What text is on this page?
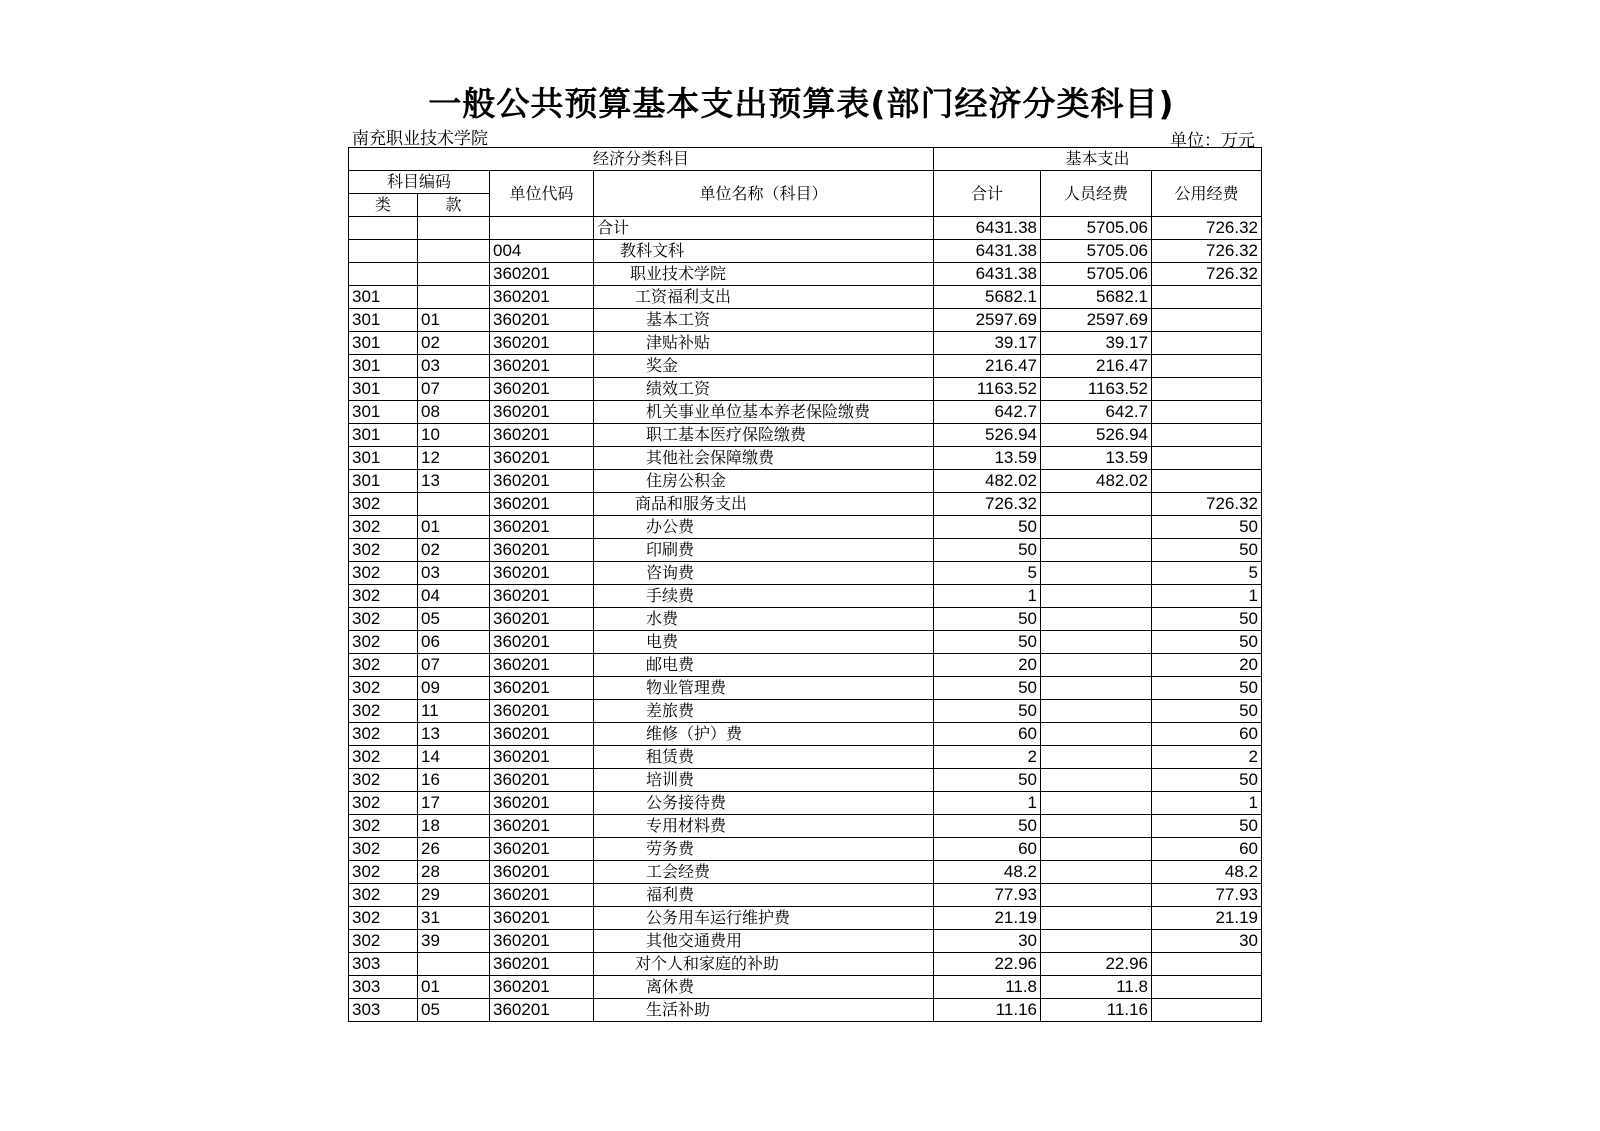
一般公共预算基本支出预算表(部门经济分类科目)
南充职业技术学院	单位：万元
经济分类科目				基本支出		
科目编码		单位代码	单位名称（科目）	合计	人员经费	公用经费
类	款					
			合计	6431.38	5705.06	726.32
		004	教科文科	6431.38	5705.06	726.32
		360201	职业技术学院	6431.38	5705.06	726.32
301		360201	工资福利支出	5682.1	5682.1	
301	01	360201	基本工资	2597.69	2597.69	
301	02	360201	津贴补贴	39.17	39.17	
301	03	360201	奖金	216.47	216.47	
301	07	360201	绩效工资	1163.52	1163.52	
301	08	360201	机关事业单位基本养老保险缴费	642.7	642.7	
301	10	360201	职工基本医疗保险缴费	526.94	526.94	
301	12	360201	其他社会保障缴费	13.59	13.59	
301	13	360201	住房公积金	482.02	482.02	
302		360201	商品和服务支出	726.32		726.32
302	01	360201	办公费	50		50
302	02	360201	印刷费	50		50
302	03	360201	咨询费	5		5
302	04	360201	手续费	1		1
302	05	360201	水费	50		50
302	06	360201	电费	50		50
302	07	360201	邮电费	20		20
302	09	360201	物业管理费	50		50
302	11	360201	差旅费	50		50
302	13	360201	维修（护）费	60		60
302	14	360201	租赁费	2		2
302	16	360201	培训费	50		50
302	17	360201	公务接待费	1		1
302	18	360201	专用材料费	50		50
302	26	360201	劳务费	60		60
302	28	360201	工会经费	48.2		48.2
302	29	360201	福利费	77.93		77.93
302	31	360201	公务用车运行维护费	21.19		21.19
302	39	360201	其他交通费用	30		30
303		360201	对个人和家庭的补助	22.96	22.96	
303	01	360201	离休费	11.8	11.8	
303	05	360201	生活补助	11.16	11.16	
